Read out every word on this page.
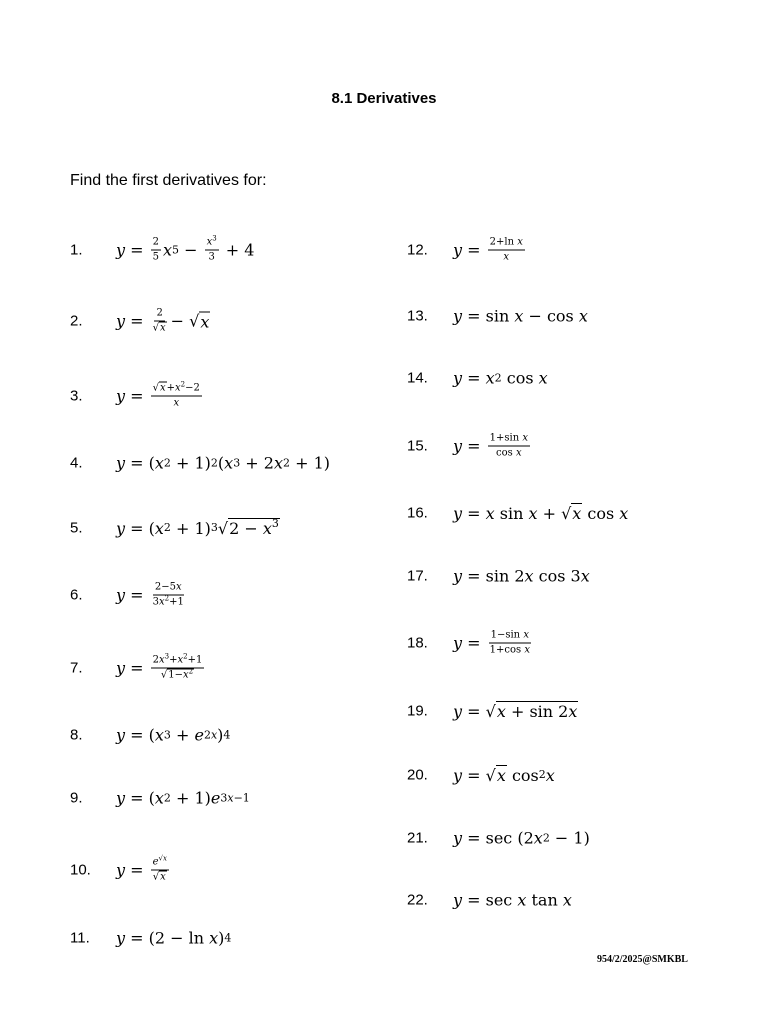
8.1 Derivatives
Find the first derivatives for:
1. $y = \frac{2}{5}$ x $5 - \frac{x^3}{3} + 4$
2. $y = \frac{2}{√x}$ − √ x
3. $y = \frac{√x+x^2-2}{x}$
4. y = ( x 2 + 1) 2 ( x 3 + 2 x 2 + 1)
5. y = ( x 2 + 1) 3 √ $2 - x^3$
6. $y = \frac{2-5x}{3x^2+1}$
7. $y = \frac{2x^3+x^2+1}{√1-x^2}$
8. y = ( x 3 + e 2x ) 4
9. y = ( x 2 + 1) e 3x−1
10. $y = \frac{e^{√x}}{√x}$
11. y = (2 − ln x ) 4
12. $y = \frac{\text{2+ln x}}{x}$
13. y = sin x − cos x
14. y = x 2 cos x
15. $y = \frac{\text{1+sin x}}{\text{cos x}}$
16. y = x sin x + √ x cos x
17. y = sin 2 x cos 3 x
18. $y = \frac{\text{1−sin x}}{\text{1+cos x}}$
19. y = √ x + sin 2x
20. y = √ x cos 2 x
21. y = sec (2 x 2 − 1)
22. y = sec x tan x
954/2/2025@SMKBL
